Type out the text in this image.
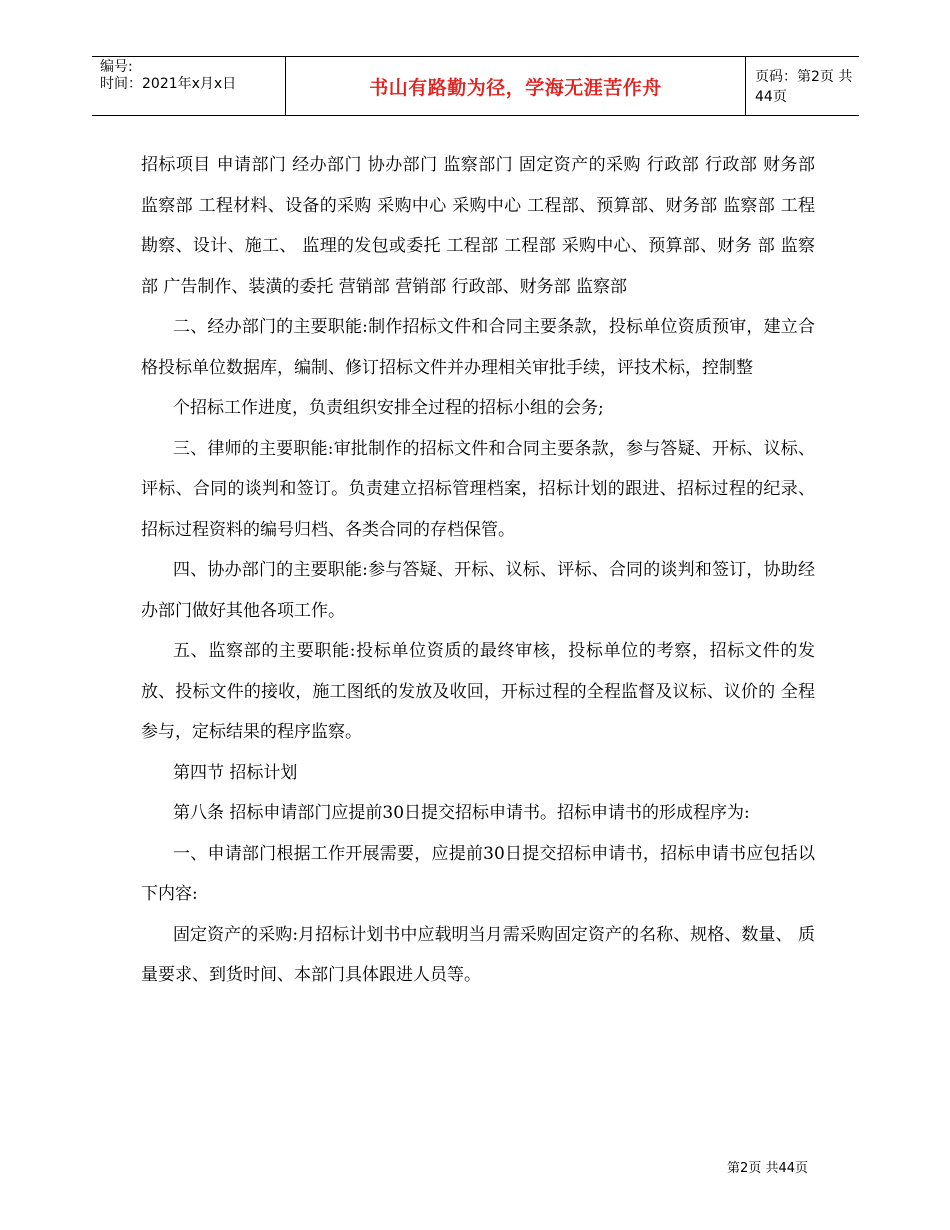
编号:
时间：2021年x月x日	书山有路勤为径，学海无涯苦作舟	页码：第2页 共44页

招标项目 申请部门 经办部门 协办部门 监察部门 固定资产的采购 行政部 行政部 财务部 监察部 工程材料、设备的采购 采购中心 采购中心 工程部、预算部、财务部 监察部 工程勘察、设计、施工、 监理的发包或委托 工程部 工程部 采购中心、预算部、财务 部 监察部 广告制作、装潢的委托 营销部 营销部 行政部、财务部 监察部

二、经办部门的主要职能:制作招标文件和合同主要条款，投标单位资质预审，建立合格投标单位数据库，编制、修订招标文件并办理相关审批手续，评技术标，控制整

个招标工作进度，负责组织安排全过程的招标小组的会务;

三、律师的主要职能:审批制作的招标文件和合同主要条款，参与答疑、开标、议标、评标、合同的谈判和签订。负责建立招标管理档案，招标计划的跟进、招标过程的纪录、招标过程资料的编号归档、各类合同的存档保管。

四、协办部门的主要职能:参与答疑、开标、议标、评标、合同的谈判和签订，协助经办部门做好其他各项工作。

五、监察部的主要职能:投标单位资质的最终审核，投标单位的考察，招标文件的发放、投标文件的接收，施工图纸的发放及收回，开标过程的全程监督及议标、议价的 全程参与，定标结果的程序监察。

第四节 招标计划

第八条 招标申请部门应提前30日提交招标申请书。招标申请书的形成程序为:

一、申请部门根据工作开展需要，应提前30日提交招标申请书，招标申请书应包括以下内容:

固定资产的采购:月招标计划书中应载明当月需采购固定资产的名称、规格、数量、 质量要求、到货时间、本部门具体跟进人员等。

第2页 共44页
